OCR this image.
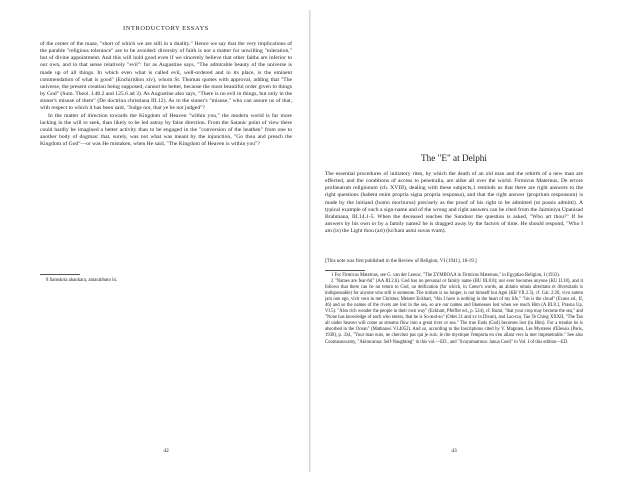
INTRODUCTORY ESSAYS

of the center of the maze, "short of which we are still in a duality." Hence we say that the very implications of the parable "religious tolerance" are to be avoided: diversity of faith is not a matter for unwilling "toleration," but of divine appointment. And this will hold good even if we sincerely believe that other faiths are inferior to our own, and in that sense relatively "evil": for as Augustine says, "The admirable beauty of the universe is made up of all things. In which even what is called evil, well-ordered and in its place, is the eminent commendation of what is good" (Enchiridion xiv), whom St. Thomas quotes with approval, adding that "The universe, the present creation being supposed, cannot be better, because the most beautiful order given to things by God" (Sum. Theol. I.48.2 and 125.6 ad 3). As Augustine also says, "There is no evil in things, but only in the sinner's misuse of them" (De doctrina christiana III.12). As to the sinner's "misuse," who can assure us of that, with respect to which it has been said, "Judge not, that ye be not judged"?

In the matter of direction towards the Kingdom of Heaven "within you," the modern world is far more lacking in the will to seek, than likely to be led astray by false direction. From the Satanic point of view there could hardly be imagined a better activity than to be engaged in the "conversion of the heathen" from one to another body of dogmas: that, surely, was not what was meant by the injunction, "Go thou and preach the Kingdom of God"—or was He mistaken, when He said, "The Kingdom of Heaven is within you"?

8 Samskrta ahankara, antarabhuto hi.

42
The "E" at Delphi

The essential procedures of initiatory rites, by which the death of an old man and the rebirth of a new man are effected, and the conditions of access to penetralia, are alike all over the world. Firmicus Maternus, De errore profanarum religionum (ch. XVIII), dealing with these subjects,1 reminds us that there are right answers to the right questions (habent enim propria signa propria responsa), and that the right answer (proprium responsum) is made by the initiand (homo moriturus) precisely as the proof of his right to be admitted (ut possis admitti). A typical example of such a sign-name and of the wrong and right answers can be cited from the Jaiminiya Upanisad Brahmana, III.14.1-5. When the deceased reaches the Sundoor the question is asked, "Who art thou?" If he answers by his own or by a family name2 he is dragged away by the factors of time. He should respond, "Who I am (is) the Light thou (art) (ko'ham asmi suvas tvam).

[This note was first published in the Review of Religion, VI (1941), 18-19.]

1 For Firmicus Maternus, see G. van der Leeuw, "The ΣΥΜΒΟΛΑ in Firmicus Maternus," in Egyptian Religion, I (1933).

2 "Names are fear-ful" (AA III.2.6). God has no personal or family name (BU III.8.8); nor ever becomes anyone (KU II.18), and it follows that there can be no return to God, no deification (for which, in Coeur's words, an ablatio omnis alteritatis et diversitatis is indispensable) for anyone who still is someone. The initiate is no longer, is not himself but Agni (KB VII.2.3), cf. Gal. 2:20, vivo autem jam non ego, vivit vero in me Christus; Meister Eckhart, "this I have is nothing in the heart of my life," "his is the cloud" (Evans ed., II, 46) and so the names of the rivers are lost in the sea, so are our names and likenesses lost when we reach Him (A III.8.1, Prasna Up. VI.5). "Also rich wonder the people in their own way" (Eckhart, Pfeiffer ed., p. 524), cf. Rumi, "that your crop may become the sea," and "None has knowledge of each who enters, that he is So-and-so" (Odes 21 and xv in Divan), and Lao-tzu, Tao Te Ching XXXII, "The Tao all under heaven will come as streams flow into a great river or sea." The true Ends (God) becomes lost (in Him). For a treatise he is absorbed in the Ocean" (Mathnawi VI.4052). And so, according to the Inscriptions cited by V. Magnien, Les Mysteres d'Eleusis (Paris, 1938), p. 334, "Your man ours, ne cherchez pas qui je suis: le rite mystique l'emporta en s'en allant vers la mer impenetrable." See also Coomaraswamy, "Akimcanna: Self-Naughting" in this vol.—ED., and "Svayamatrnna: Janua Coeli" in Vol. I of this edition—ED.

43
